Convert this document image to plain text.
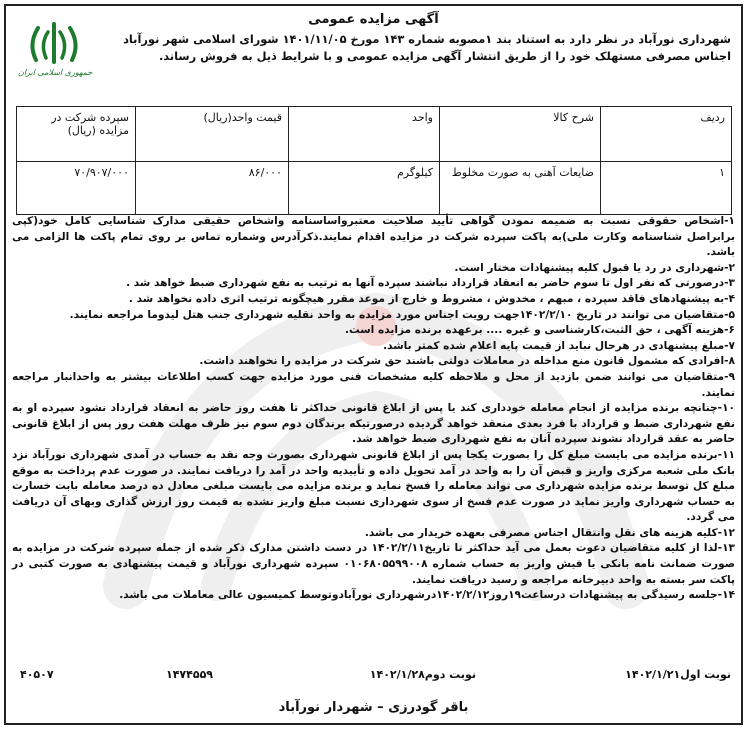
آگهی مزایده عمومی
جمهوری اسلامی ایران
شهرداری نورآباد در نظر دارد به استناد بند ۱مصوبه شماره ۱۴۳ مورخ ۱۴۰۱/۱۱/۰۵ شورای اسلامی شهر نورآباد اجناس مصرفی مستهلک خود را از طریق انتشار آگهی مزایده عمومی و با شرایط ذیل به فروش رساند.
ردیف	شرح کالا	واحد	قیمت واحد(ریال)	سپرده شرکت در مزایده (ریال)
۱	ضایعات آهنی به صورت مخلوط	کیلوگرم	۸۶/۰۰۰	۷۰/۹۰۷/۰۰۰

۱-اشخاص حقوقی نسبت به ضمیمه نمودن گواهی تأیید صلاحیت معتبرواساسنامه واشخاص حقیقی مدارک شناسایی کامل خود(کپی برابراصل شناسنامه وکارت ملی)به پاکت سپرده شرکت در مزایده اقدام نمایند.ذکرآدرس وشماره تماس بر روی تمام پاکت ها الزامی می باشد.

۲-شهرداری در رد یا قبول کلیه پیشنهادات مختار است.

۳-درصورتی که نفر اول تا سوم حاضر به انعقاد قرارداد نباشند سپرده آنها به ترتیب به نفع شهرداری ضبط خواهد شد .

۴-به پیشنهادهای فاقد سپرده ، مبهم ، مخدوش ، مشروط و خارج از موعد مقرر هیچگونه ترتیب اثری داده نخواهد شد .

۵-متقاضیان می توانند در تاریخ ۱۴۰۲/۲/۱۰جهت رویت اجناس مورد مزایده به واحد نقلیه شهرداری جنب هتل لیدوما مراجعه نمایند.

۶-هزینه آگهی ، حق الثبت،کارشناسی و غیره .... برعهده برنده مزایده است.

۷-مبلغ پیشنهادی در هرحال نباید از قیمت پایه اعلام شده کمتر باشد.

۸-افرادی که مشمول قانون منع مداخله در معاملات دولتی باشند حق شرکت در مزایده را نخواهند داشت.

۹-متقاضیان می توانند ضمن بازدید از محل و ملاحظه کلیه مشخصات فنی مورد مزایده جهت کسب اطلاعات بیشتر به واحدانبار مراجعه نمایند.

۱۰-چنانچه برنده مزایده از انجام معامله خودداری کند یا پس از ابلاغ قانونی حداکثر تا هفت روز حاضر به انعقاد قرارداد نشود سپرده او به نفع شهرداری ضبط و قرارداد با فرد بعدی منعقد خواهد گردیده درصورتیکه برندگان دوم سوم نیز ظرف مهلت هفت روز پس از ابلاغ قانونی حاضر به عقد قرارداد نشوند سپرده آنان به نفع شهرداری ضبط خواهد شد.

۱۱-برنده مزایده می بایست مبلغ کل را بصورت یکجا پس از ابلاغ قانونی شهرداری بصورت وجه نقد به حساب در آمدی شهرداری نورآباد نزد بانک ملی شعبه مرکزی واریز و قبض آن را به واحد در آمد تحویل داده و تأییدیه واحد در آمد را دریافت نمایند. در صورت عدم پرداخت به موقع مبلغ کل توسط برنده مزایده شهرداری می تواند معامله را فسخ نماید و برنده مزایده می بایست مبلغی معادل ده درصد معامله بابت خسارت به حساب شهرداری واریز نماید در صورت عدم فسخ از سوی شهرداری نسبت مبلغ واریز نشده به قیمت روز ارزش گذاری وبهای آن دریافت می گردد.

۱۲-کلیه هزینه های نقل وانتقال اجناس مصرفی بعهده خریدار می باشد.

۱۳-لذا از کلیه متقاضیان دعوت بعمل می آید حداکثر تا تاریخ۱۴۰۲/۲/۱۱ در دست داشتن مدارک ذکر شده از جمله سپرده شرکت در مزایده به صورت ضمانت نامه بانکی یا فیش واریز به حساب شماره ۰۱۰۶۸۰۵۵۹۹۰۰۸ سپرده شهرداری نورآباد و قیمت پیشنهادی به صورت کتبی در پاکت سر بسته به واحد دبیرخانه مراجعه و رسید دریافت نمایند.

۱۴-جلسه رسیدگی به پیشنهادات درساعت۱۹روز۱۴۰۲/۲/۱۲درشهرداری نورآبادوتوسط کمیسیون عالی معاملات می باشد.

نوبت اول۱۴۰۲/۱/۲۱
نوبت دوم۱۴۰۲/۱/۲۸
۱۴۷۴۵۵۹
۴۰۵۰۷
باقر گودرزی – شهردار نورآباد
